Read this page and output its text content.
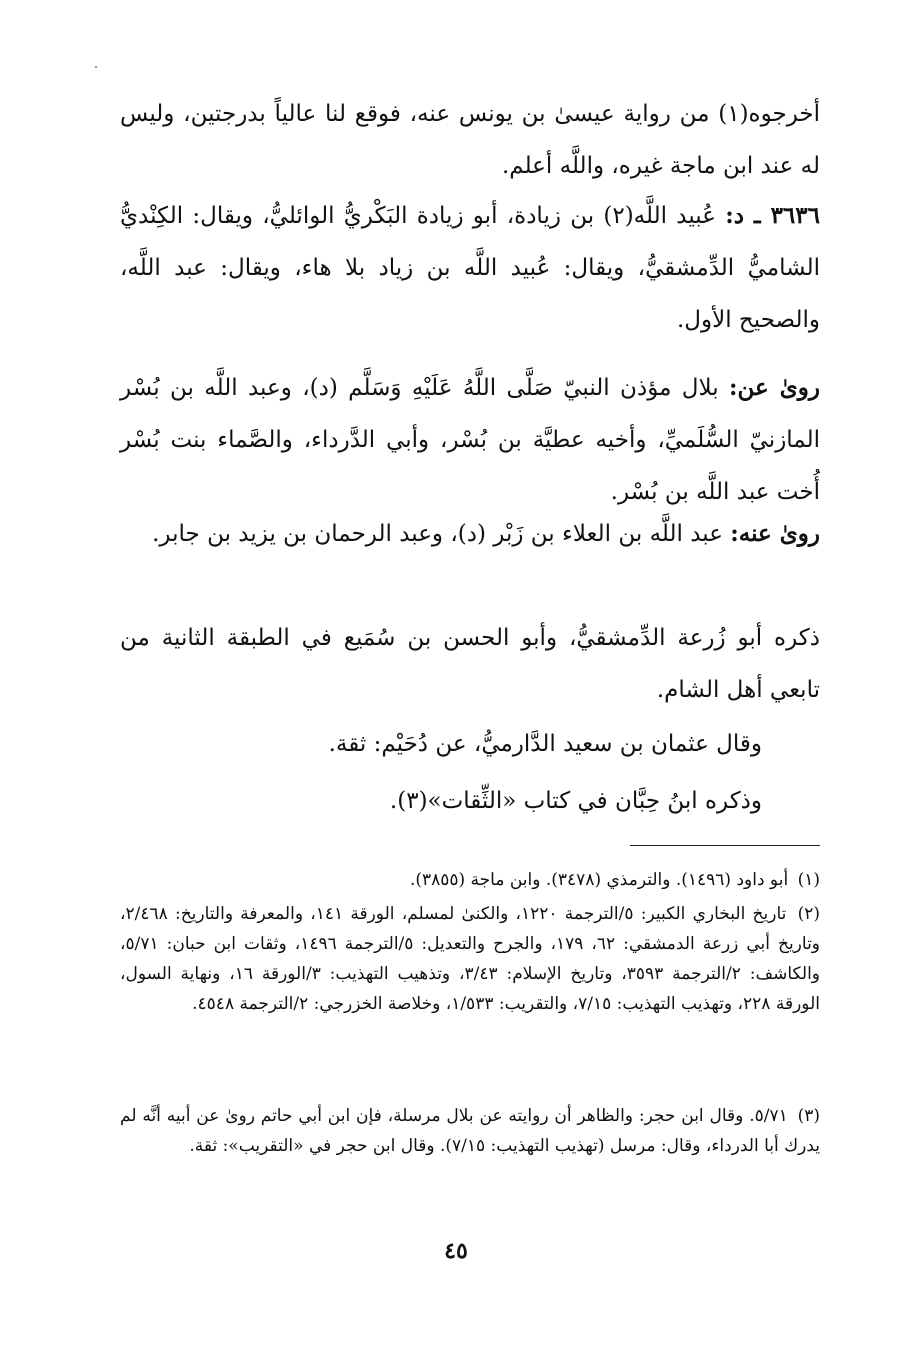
أخرجوه(١) من رواية عيسىٰ بن يونس عنه، فوقع لنا عالياً بدرجتين، وليس له عند ابن ماجة غيره، واللَّه أعلم.

٣٦٣٦ ـ د: عُبيد اللَّه(٢) بن زيادة، أبو زيادة البَكْريُّ الوائليُّ، ويقال: الكِنْديُّ الشاميُّ الدِّمشقيُّ، ويقال: عُبيد اللَّه بن زياد بلا هاء، ويقال: عبد اللَّه، والصحيح الأول.

روىٰ عن: بلال مؤذن النبيّ صَلَّى اللَّهُ عَلَيْهِ وَسَلَّم (د)، وعبد اللَّه بن بُسْر المازنيّ السُّلَميِّ، وأخيه عطيَّة بن بُسْر، وأبي الدَّرداء، والصَّماء بنت بُسْر أُخت عبد اللَّه بن بُسْر.

روىٰ عنه: عبد اللَّه بن العلاء بن زَبْر (د)، وعبد الرحمان بن يزيد بن جابر.

ذكره أبو زُرعة الدِّمشقيُّ، وأبو الحسن بن سُمَيع في الطبقة الثانية من تابعي أهل الشام.

وقال عثمان بن سعيد الدَّارميُّ، عن دُحَيْم: ثقة.

وذكره ابنُ حِبَّان في كتاب «الثِّقات»(٣).

(١) أبو داود (١٤٩٦). والترمذي (٣٤٧٨). وابن ماجة (٣٨٥٥).
(٢) تاريخ البخاري الكبير: ٥/الترجمة ١٢٢٠، والكنىٰ لمسلم، الورقة ١٤١، والمعرفة والتاريخ: ٢/٤٦٨، وتاريخ أبي زرعة الدمشقي: ٦٢، ١٧٩، والجرح والتعديل: ٥/الترجمة ١٤٩٦، وثقات ابن حبان: ٥/٧١، والكاشف: ٢/الترجمة ٣٥٩٣، وتاريخ الإسلام: ٣/٤٣، وتذهيب التهذيب: ٣/الورقة ١٦، ونهاية السول، الورقة ٢٢٨، وتهذيب التهذيب: ٧/١٥، والتقريب: ١/٥٣٣، وخلاصة الخزرجي: ٢/الترجمة ٤٥٤٨.
(٣) ٥/٧١. وقال ابن حجر: والظاهر أن روايته عن بلال مرسلة، فإن ابن أبي حاتم روىٰ عن أبيه أنَّه لم يدرك أبا الدرداء، وقال: مرسل (تهذيب التهذيب: ٧/١٥). وقال ابن حجر في «التقريب»: ثقة.
٤٥
